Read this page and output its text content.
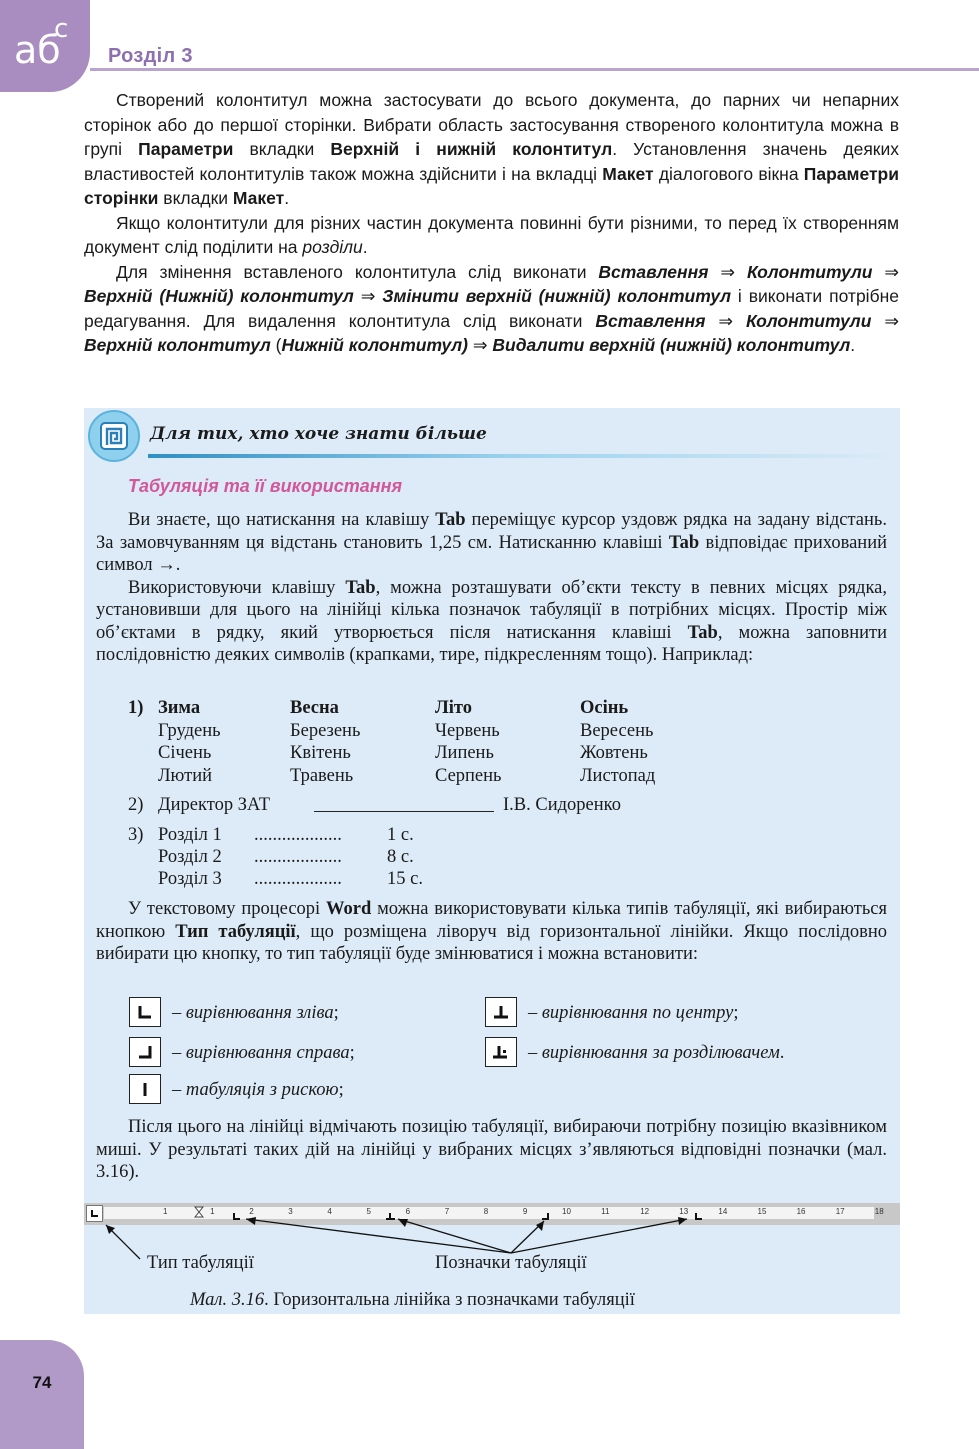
аб
с
Розділ 3

Створений колонтитул можна застосувати до всього документа, до парних чи непарних сторінок або до першої сторінки. Вибрати область застосування створеного колонтитула можна в групі Параметри вкладки Верхній і нижній колонтитул. Установлення значень деяких властивостей колонтитулів також можна здійснити і на вкладці Макет діалогового вікна Параметри сторінки вкладки Макет.

Якщо колонтитули для різних частин документа повинні бути різними, то перед їх створенням документ слід поділити на розділи.

Для змінення вставленого колонтитула слід виконати Вставлення ⇒ Колонтитули ⇒ Верхній (Нижній) колонтитул ⇒ Змінити верхній (нижній) колонтитул і виконати потрібне редагування. Для видалення колонтитула слід виконати Вставлення ⇒ Колонтитули ⇒ Верхній колонтитул (Нижній колонтитул) ⇒ Видалити верхній (нижній) колонтитул.

Для тих, хто хоче знати більше
Табуляція та її використання

Ви знаєте, що натискання на клавішу Tab переміщує курсор уздовж рядка на задану відстань. За замовчуванням ця відстань становить 1,25 см. Натисканню клавіші Tab відповідає прихований символ →.

Використовуючи клавішу Tab, можна розташувати об’єкти тексту в певних місцях рядка, установивши для цього на лінійці кілька позначок табуляції в потрібних місцях. Простір між об’єктами в рядку, який утворюється після натискання клавіші Tab, можна заповнити послідовністю деяких символів (крапками, тире, підкресленням тощо). Наприклад:

1) Зима	Весна	Літо	Осінь
Грудень	Березень	Червень	Вересень
Січень	Квітень	Липень	Жовтень
Лютий	Травень	Серпень	Листопад
2) Директор ЗАТ	І.В. Сидоренко
3) Розділ 1 ................... 1 с.
Розділ 2 ................... 8 с.
Розділ 3 ................... 15 с.

У текстовому процесорі Word можна використовувати кілька типів табуляції, які вибираються кнопкою Тип табуляції, що розміщена ліворуч від горизонтальної лінійки. Якщо послідовно вибирати цю кнопку, то тип табуляції буде змінюватися і можна встановити:

– вирівнювання зліва;	– вирівнювання по центру;
– вирівнювання справа;	– вирівнювання за розділювачем.
– табуляція з рискою;

Після цього на лінійці відмічають позицію табуляції, вибираючи потрібну позицію вказівником миші. У результаті таких дій на лінійці у вибраних місцях з’являються відповідні позначки (мал. 3.16).

1	1	2	3	4	5	6	7	8	9	10	11	12	13	14	15	16	17	18
Тип табуляції	Позначки табуляції
Мал. 3.16. Горизонтальна лінійка з позначками табуляції
74
